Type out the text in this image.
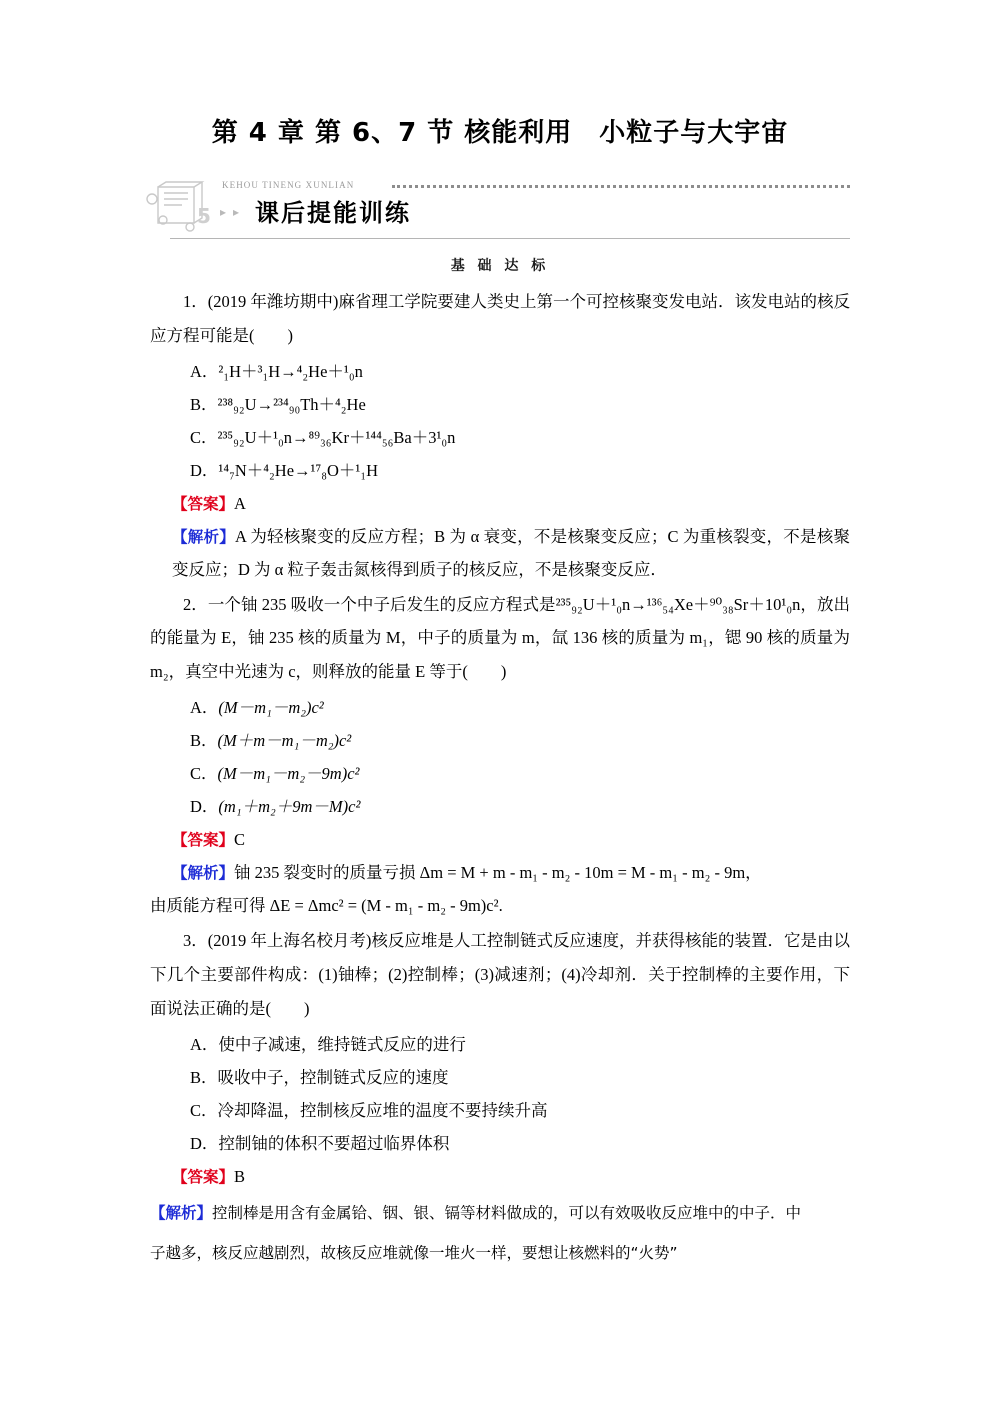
第 4 章 第 6、7 节 核能利用　小粒子与大宇宙
5
KEHOU TINENG XUNLIAN
▸ ▸ 课后提能训练
基 础 达 标

1．(2019 年潍坊期中)麻省理工学院要建人类史上第一个可控核聚变发电站．该发电站的核反应方程可能是(　　)

A．²₁H＋³₁H→⁴₂He＋¹₀n

B．²³⁸₉₂U→²³⁴₉₀Th＋⁴₂He

C．²³⁵₉₂U＋¹₀n→⁸⁹₃₆Kr＋¹⁴⁴₅₆Ba＋3¹₀n

D．¹⁴₇N＋⁴₂He→¹⁷₈O＋¹₁H

【答案】A

【解析】A 为轻核聚变的反应方程；B 为 α 衰变，不是核聚变反应；C 为重核裂变，不是核聚变反应；D 为 α 粒子轰击氮核得到质子的核反应，不是核聚变反应．

2．一个铀 235 吸收一个中子后发生的反应方程式是²³⁵₉₂U＋¹₀n→¹³⁶₅₄Xe＋⁹⁰₃₈Sr＋10¹₀n，放出的能量为 E，铀 235 核的质量为 M，中子的质量为 m，氙 136 核的质量为 m₁，锶 90 核的质量为 m₂，真空中光速为 c，则释放的能量 E 等于(　　)

A．(M－m₁－m₂)c²

B．(M＋m－m₁－m₂)c²

C．(M－m₁－m₂－9m)c²

D．(m₁＋m₂＋9m－M)c²

【答案】C

【解析】铀 235 裂变时的质量亏损 Δm = M + m - m₁ - m₂ - 10m = M - m₁ - m₂ - 9m，

由质能方程可得 ΔE = Δmc² = (M - m₁ - m₂ - 9m)c².

3．(2019 年上海名校月考)核反应堆是人工控制链式反应速度，并获得核能的装置．它是由以下几个主要部件构成：(1)铀棒；(2)控制棒；(3)减速剂；(4)冷却剂．关于控制棒的主要作用，下面说法正确的是(　　)

A．使中子减速，维持链式反应的进行

B．吸收中子，控制链式反应的速度

C．冷却降温，控制核反应堆的温度不要持续升高

D．控制铀的体积不要超过临界体积

【答案】B

【解析】控制棒是用含有金属铪、铟、银、镉等材料做成的，可以有效吸收反应堆中的中子．中

子越多，核反应越剧烈，故核反应堆就像一堆火一样，要想让核燃料的“火势”
